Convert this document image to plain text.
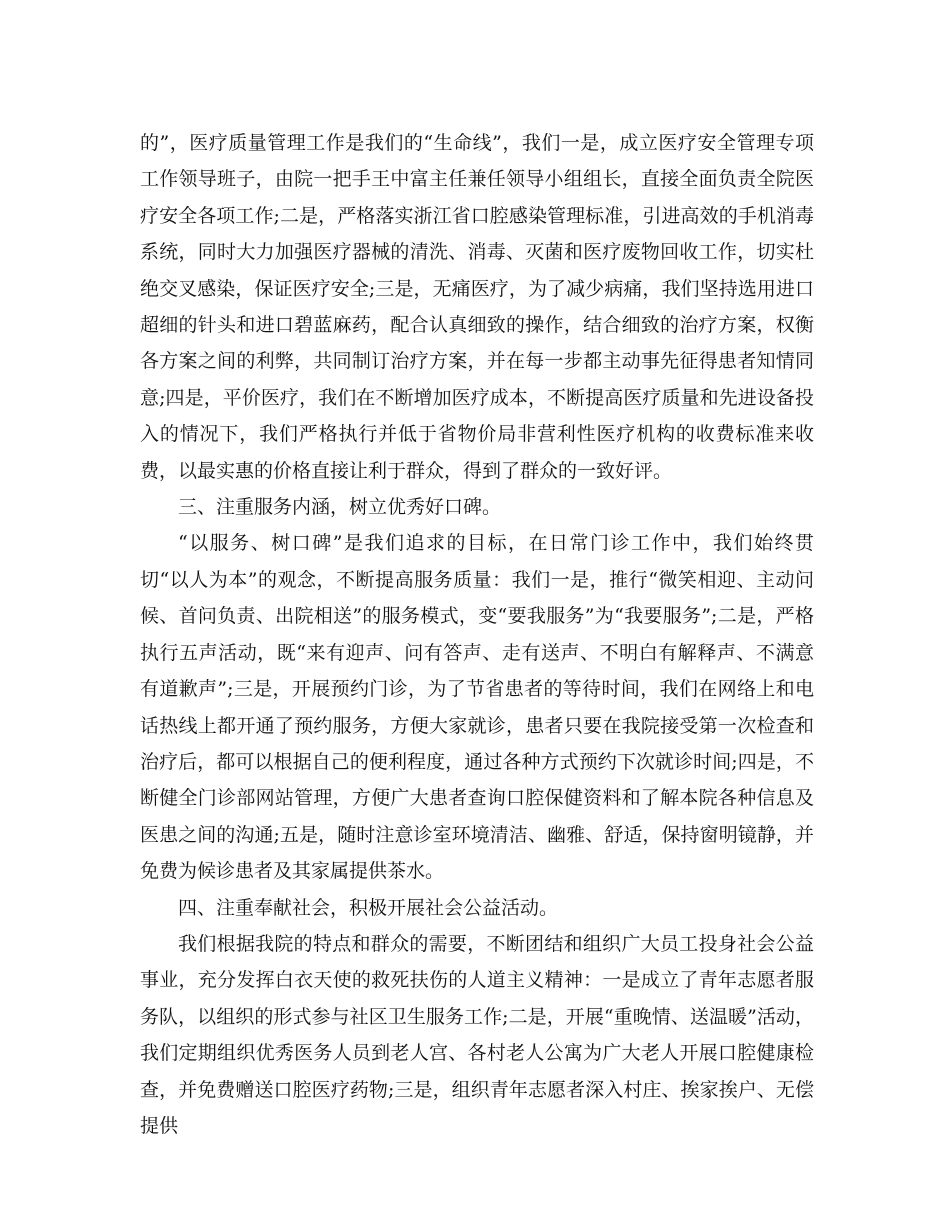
的”，医疗质量管理工作是我们的“生命线”，我们一是，成立医疗安全管理专项工作领导班子，由院一把手王中富主任兼任领导小组组长，直接全面负责全院医疗安全各项工作;二是，严格落实浙江省口腔感染管理标准，引进高效的手机消毒系统，同时大力加强医疗器械的清洗、消毒、灭菌和医疗废物回收工作，切实杜绝交叉感染，保证医疗安全;三是，无痛医疗，为了减少病痛，我们坚持选用进口超细的针头和进口碧蓝麻药，配合认真细致的操作，结合细致的治疗方案，权衡各方案之间的利弊，共同制订治疗方案，并在每一步都主动事先征得患者知情同意;四是，平价医疗，我们在不断增加医疗成本，不断提高医疗质量和先进设备投入的情况下，我们严格执行并低于省物价局非营利性医疗机构的收费标准来收费，以最实惠的价格直接让利于群众，得到了群众的一致好评。

三、注重服务内涵，树立优秀好口碑。

“以服务、树口碑”是我们追求的目标，在日常门诊工作中，我们始终贯切“以人为本”的观念，不断提高服务质量：我们一是，推行“微笑相迎、主动问候、首问负责、出院相送”的服务模式，变“要我服务”为“我要服务”;二是，严格执行五声活动，既“来有迎声、问有答声、走有送声、不明白有解释声、不满意有道歉声”;三是，开展预约门诊，为了节省患者的等待时间，我们在网络上和电话热线上都开通了预约服务，方便大家就诊，患者只要在我院接受第一次检查和治疗后，都可以根据自己的便利程度，通过各种方式预约下次就诊时间;四是，不断健全门诊部网站管理，方便广大患者查询口腔保健资料和了解本院各种信息及医患之间的沟通;五是，随时注意诊室环境清洁、幽雅、舒适，保持窗明镜静，并免费为候诊患者及其家属提供茶水。

四、注重奉献社会，积极开展社会公益活动。

我们根据我院的特点和群众的需要，不断团结和组织广大员工投身社会公益事业，充分发挥白衣天使的救死扶伤的人道主义精神：一是成立了青年志愿者服务队，以组织的形式参与社区卫生服务工作;二是，开展“重晚情、送温暖”活动，我们定期组织优秀医务人员到老人宫、各村老人公寓为广大老人开展口腔健康检查，并免费赠送口腔医疗药物;三是，组织青年志愿者深入村庄、挨家挨户、无偿提供
